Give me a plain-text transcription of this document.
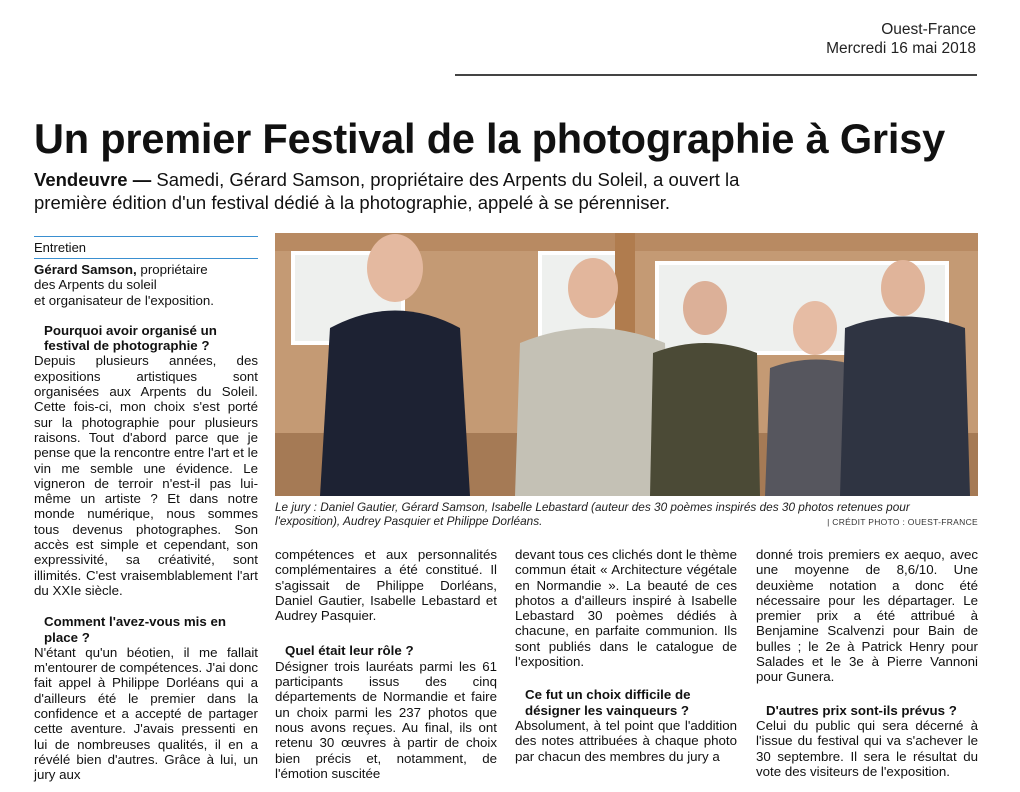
Ouest-France
Mercredi 16 mai 2018
Un premier Festival de la photographie à Grisy
Vendeuvre — Samedi, Gérard Samson, propriétaire des Arpents du Soleil, a ouvert la première édition d'un festival dédié à la photographie, appelé à se pérenniser.
Entretien

Gérard Samson, propriétaire
des Arpents du soleil
et organisateur de l'exposition.

Pourquoi avoir organisé un festival de photographie ?

Depuis plusieurs années, des expositions artistiques sont organisées aux Arpents du Soleil. Cette fois-ci, mon choix s'est porté sur la photographie pour plusieurs raisons. Tout d'abord parce que je pense que la rencontre entre l'art et le vin me semble une évidence. Le vigneron de terroir n'est-il pas lui-même un artiste ? Et dans notre monde numérique, nous sommes tous devenus photographes. Son accès est simple et cependant, son expressivité, sa créativité, sont illimités. C'est vraisemblablement l'art du XXIe siècle.

Comment l'avez-vous mis en place ?

N'étant qu'un béotien, il me fallait m'entourer de compétences. J'ai donc fait appel à Philippe Dorléans qui a d'ailleurs été le premier dans la confidence et a accepté de partager cette aventure. J'avais pressenti en lui de nombreuses qualités, il en a révélé bien d'autres. Grâce à lui, un jury aux

Le jury : Daniel Gautier, Gérard Samson, Isabelle Lebastard (auteur des 30 poèmes inspirés des 30 photos retenues pour l'exposition), Audrey Pasquier et Philippe Dorléans.	| CRÉDIT PHOTO : OUEST-FRANCE

compétences et aux personnalités complémentaires a été constitué. Il s'agissait de Philippe Dorléans, Daniel Gautier, Isabelle Lebastard et Audrey Pasquier.

Quel était leur rôle ?

Désigner trois lauréats parmi les 61 participants issus des cinq départements de Normandie et faire un choix parmi les 237 photos que nous avons reçues. Au final, ils ont retenu 30 œuvres à partir de choix bien précis et, notamment, de l'émotion suscitée

devant tous ces clichés dont le thème commun était « Architecture végétale en Normandie ». La beauté de ces photos a d'ailleurs inspiré à Isabelle Lebastard 30 poèmes dédiés à chacune, en parfaite communion. Ils sont publiés dans le catalogue de l'exposition.

Ce fut un choix difficile de désigner les vainqueurs ?

Absolument, à tel point que l'addition des notes attribuées à chaque photo par chacun des membres du jury a

donné trois premiers ex aequo, avec une moyenne de 8,6/10. Une deuxième notation a donc été nécessaire pour les départager. Le premier prix a été attribué à Benjamine Scalvenzi pour Bain de bulles ; le 2e à Patrick Henry pour Salades et le 3e à Pierre Vannoni pour Gunera.

D'autres prix sont-ils prévus ?

Celui du public qui sera décerné à l'issue du festival qui va s'achever le 30 septembre. Il sera le résultat du vote des visiteurs de l'exposition.
